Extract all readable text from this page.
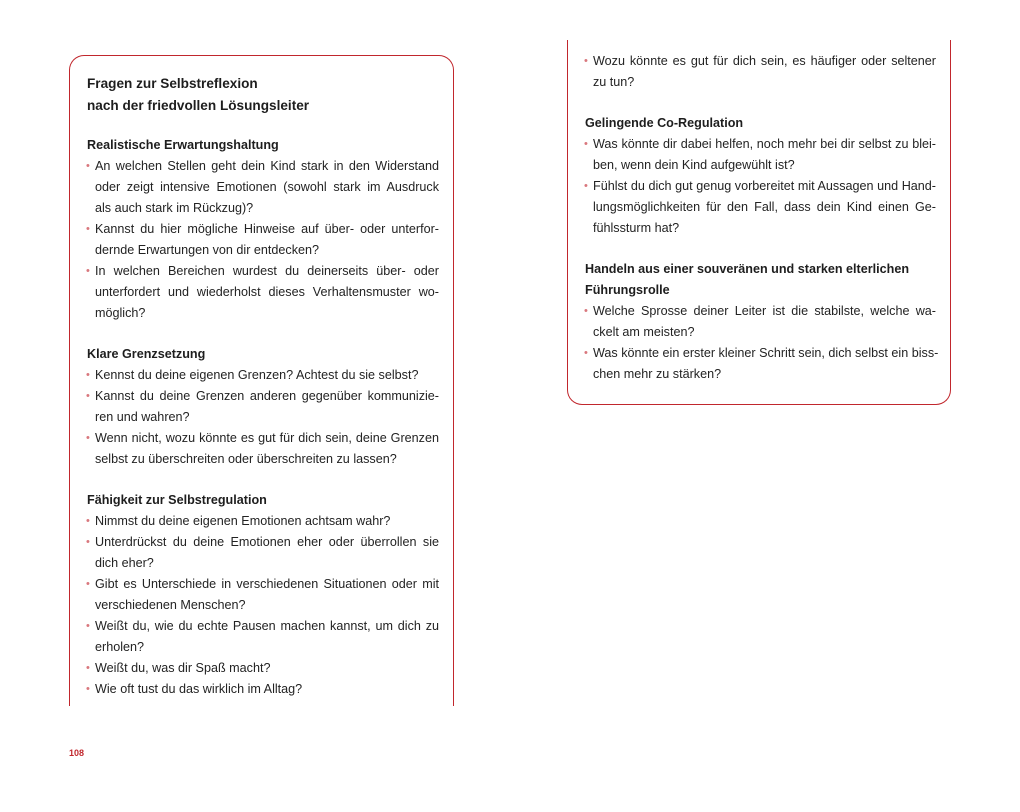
Fragen zur Selbstreflexion
nach der friedvollen Lösungsleiter
Realistische Erwartungshaltung
• An welchen Stellen geht dein Kind stark in den Widerstand
oder zeigt intensive Emotionen (sowohl stark im Ausdruck
als auch stark im Rückzug)?
• Kannst du hier mögliche Hinweise auf über- oder unterfor-
dernde Erwartungen von dir entdecken?
• In welchen Bereichen wurdest du deinerseits über- oder
unterfordert und wiederholst dieses Verhaltensmuster wo-
möglich?
Klare Grenzsetzung
• Kennst du deine eigenen Grenzen? Achtest du sie selbst?
• Kannst du deine Grenzen anderen gegenüber kommunizie-
ren und wahren?
• Wenn nicht, wozu könnte es gut für dich sein, deine Grenzen
selbst zu überschreiten oder überschreiten zu lassen?
Fähigkeit zur Selbstregulation
• Nimmst du deine eigenen Emotionen achtsam wahr?
• Unterdrückst du deine Emotionen eher oder überrollen sie
dich eher?
• Gibt es Unterschiede in verschiedenen Situationen oder mit
verschiedenen Menschen?
• Weißt du, wie du echte Pausen machen kannst, um dich zu
erholen?
• Weißt du, was dir Spaß macht?
• Wie oft tust du das wirklich im Alltag?
• Wozu könnte es gut für dich sein, es häufiger oder seltener
zu tun?
Gelingende Co-Regulation
• Was könnte dir dabei helfen, noch mehr bei dir selbst zu blei-
ben, wenn dein Kind aufgewühlt ist?
• Fühlst du dich gut genug vorbereitet mit Aussagen und Hand-
lungsmöglichkeiten für den Fall, dass dein Kind einen Ge-
fühlssturm hat?
Handeln aus einer souveränen und starken elterlichen
Führungsrolle
• Welche Sprosse deiner Leiter ist die stabilste, welche wa-
ckelt am meisten?
• Was könnte ein erster kleiner Schritt sein, dich selbst ein biss-
chen mehr zu stärken?
108
